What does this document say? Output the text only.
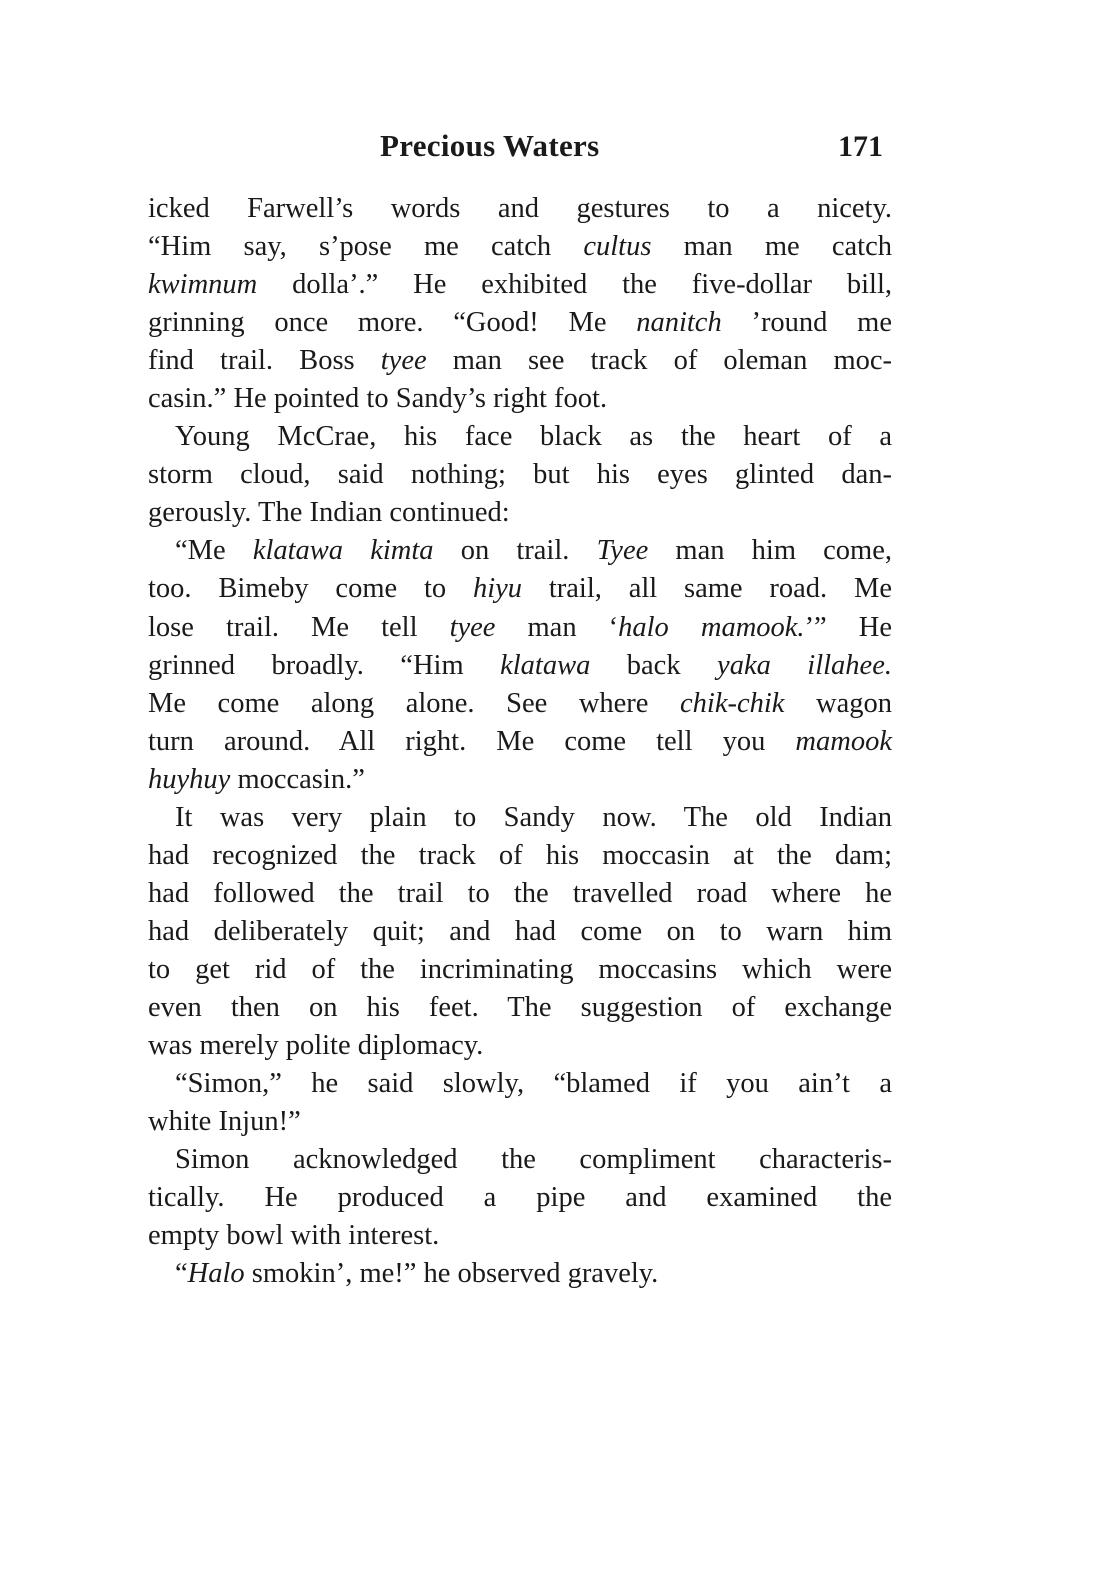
Precious Waters	171
icked Farwell’s words and gestures to a nicety.
“Him say, s’pose me catch cultus man me catch
kwimnum dolla’.” He exhibited the five-dollar bill,
grinning once more. “Good! Me nanitch ’round me
find trail. Boss tyee man see track of oleman moc-
casin.” He pointed to Sandy’s right foot.
Young McCrae, his face black as the heart of a
storm cloud, said nothing; but his eyes glinted dan-
gerously. The Indian continued:
“Me klatawa kimta on trail. Tyee man him come,
too. Bimeby come to hiyu trail, all same road. Me
lose trail. Me tell tyee man ‘halo mamook.’” He
grinned broadly. “Him klatawa back yaka illahee.
Me come along alone. See where chik-chik wagon
turn around. All right. Me come tell you mamook
huyhuy moccasin.”
It was very plain to Sandy now. The old Indian
had recognized the track of his moccasin at the dam;
had followed the trail to the travelled road where he
had deliberately quit; and had come on to warn him
to get rid of the incriminating moccasins which were
even then on his feet. The suggestion of exchange
was merely polite diplomacy.
“Simon,” he said slowly, “blamed if you ain’t a
white Injun!”
Simon acknowledged the compliment characteris-
tically. He produced a pipe and examined the
empty bowl with interest.
“Halo smokin’, me!” he observed gravely.
